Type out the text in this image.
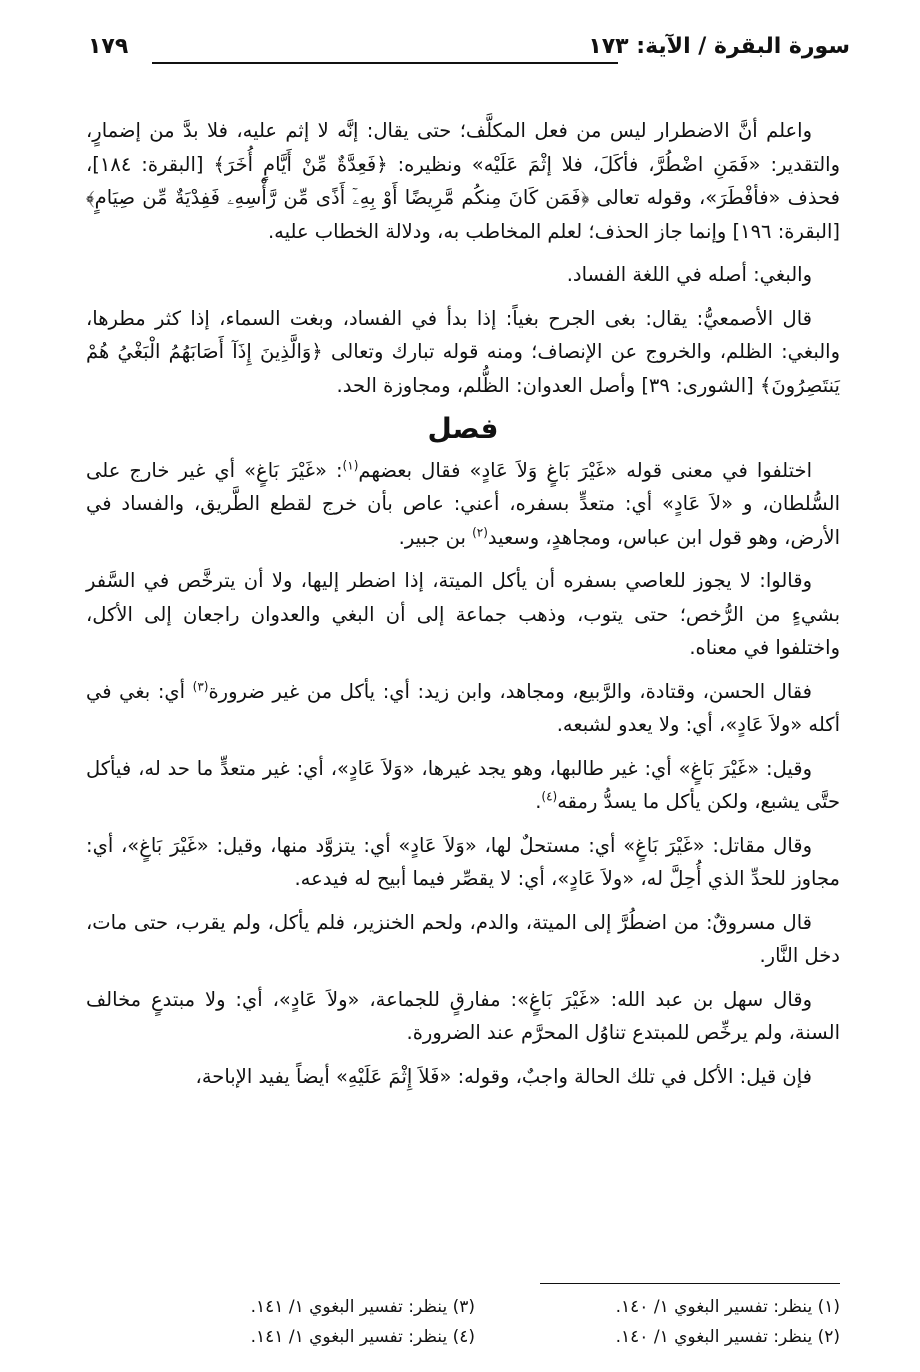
سورة البقرة / الآية: ١٧٣
١٧٩

واعلم أنَّ الاضطرار ليس من فعل المكلَّف؛ حتى يقال: إنَّه لا إثم عليه، فلا بدَّ من إضمارٍ، والتقدير: «فَمَنِ اضْطُرَّ، فأكَلَ، فلا إثْمَ عَلَيْه» ونظيره: ﴿فَعِدَّةٌ مِّنْ أَيَّامٍ أُخَرَ﴾ [البقرة: ١٨٤]، فحذف «فأفْطَرَ»، وقوله تعالى ﴿فَمَن كَانَ مِنكُم مَّرِيضًا أَوْ بِهِۦٓ أَذًى مِّن رَّأْسِهِۦ فَفِدْيَةٌ مِّن صِيَامٍ﴾ [البقرة: ١٩٦] وإنما جاز الحذف؛ لعلم المخاطب به، ودلالة الخطاب عليه.

والبغي: أصله في اللغة الفساد.

قال الأصمعيُّ: يقال: بغى الجرح بغياً: إذا بدأ في الفساد، وبغت السماء، إذا كثر مطرها، والبغي: الظلم، والخروج عن الإنصاف؛ ومنه قوله تبارك وتعالى ﴿وَالَّذِينَ إِذَآ أَصَابَهُمُ الْبَغْيُ هُمْ يَنتَصِرُونَ﴾ [الشورى: ٣٩] وأصل العدوان: الظُّلم، ومجاوزة الحد.

فصل

اختلفوا في معنى قوله «غَيْرَ بَاغٍ وَلاَ عَادٍ» فقال بعضهم$^{(١)}$: «غَيْرَ بَاغٍ» أي غير خارج على السُّلطان، و «لاَ عَادٍ» أي: متعدٍّ بسفره، أعني: عاص بأن خرج لقطع الطَّريق، والفساد في الأرض، وهو قول ابن عباس، ومجاهدٍ، وسعيد$^{(٢)}$ بن جبير.

وقالوا: لا يجوز للعاصي بسفره أن يأكل الميتة، إذا اضطر إليها، ولا أن يترخَّص في السَّفر بشيءٍ من الرُّخص؛ حتى يتوب، وذهب جماعة إلى أن البغي والعدوان راجعان إلى الأكل، واختلفوا في معناه.

فقال الحسن، وقتادة، والرَّبيع، ومجاهد، وابن زيد: أي: يأكل من غير ضرورة$^{(٣)}$ أي: بغي في أكله «ولاَ عَادٍ»، أي: ولا يعدو لشبعه.

وقيل: «غَيْرَ بَاغٍ» أي: غير طالبها، وهو يجد غيرها، «وَلاَ عَادٍ»، أي: غير متعدٍّ ما حد له، فيأكل حتَّى يشبع، ولكن يأكل ما يسدُّ رمقه$^{(٤)}$.

وقال مقاتل: «غَيْرَ بَاغٍ» أي: مستحلٌ لها، «وَلاَ عَادٍ» أي: يتزوَّد منها، وقيل: «غَيْرَ بَاغٍ»، أي: مجاوز للحدِّ الذي أُحِلَّ له، «ولاَ عَادٍ»، أي: لا يقصِّر فيما أبيح له فيدعه.

قال مسروقٌ: من اضطُرَّ إلى الميتة، والدم، ولحم الخنزير، فلم يأكل، ولم يقرب، حتى مات، دخل النَّار.

وقال سهل بن عبد الله: «غَيْرَ بَاغٍ»: مفارقٍ للجماعة، «ولاَ عَادٍ»، أي: ولا مبتدعٍ مخالف السنة، ولم يرخِّص للمبتدع تناوُل المحرَّم عند الضرورة.

فإن قيل: الأكل في تلك الحالة واجبٌ، وقوله: «فَلاَ إِثْمَ عَلَيْهِ» أيضاً يفيد الإباحة،

(١) ينظر: تفسير البغوي ١/ ١٤٠.
(٣) ينظر: تفسير البغوي ١/ ١٤١.
(٢) ينظر: تفسير البغوي ١/ ١٤٠.
(٤) ينظر: تفسير البغوي ١/ ١٤١.
